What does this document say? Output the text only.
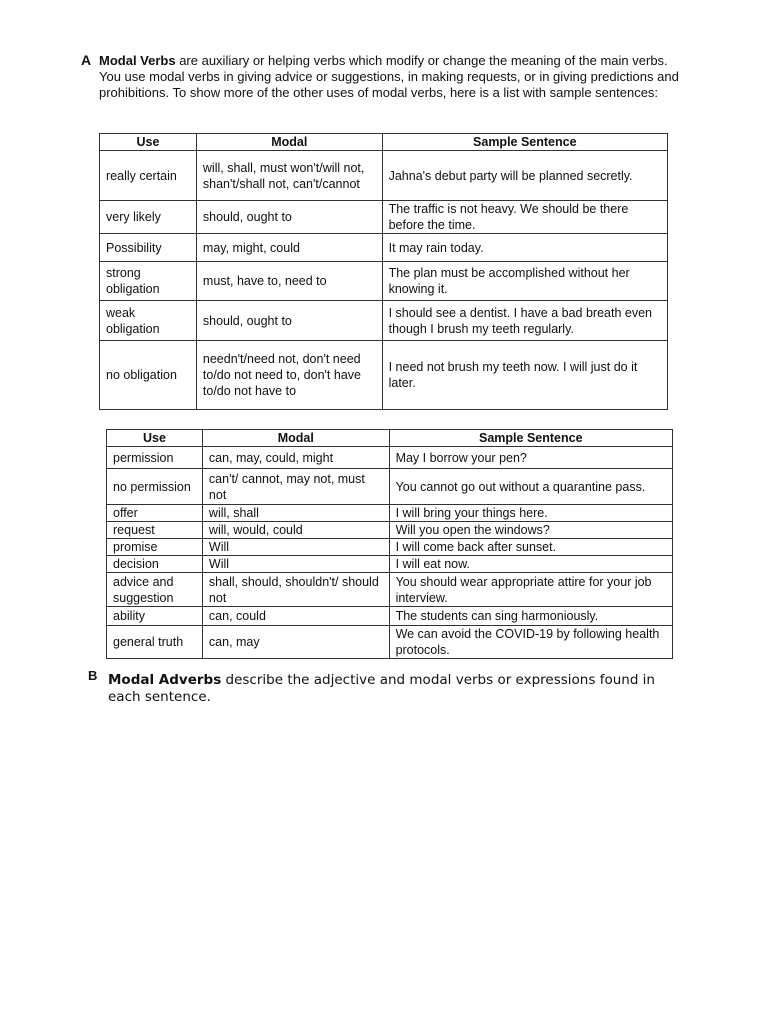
A Modal Verbs are auxiliary or helping verbs which modify or change the meaning of the main verbs. You use modal verbs in giving advice or suggestions, in making requests, or in giving predictions and prohibitions. To show more of the other uses of modal verbs, here is a list with sample sentences:
Use	Modal	Sample Sentence
really certain	will, shall, must won't/will not, shan't/shall not, can't/cannot	Jahna's debut party will be planned secretly.
very likely	should, ought to	The traffic is not heavy. We should be there before the time.
Possibility	may, might, could	It may rain today.
strong obligation	must, have to, need to	The plan must be accomplished without her knowing it.
weak obligation	should, ought to	I should see a dentist. I have a bad breath even though I brush my teeth regularly.
no obligation	needn't/need not, don't need to/do not need to, don't have to/do not have to	I need not brush my teeth now. I will just do it later.
Use	Modal	Sample Sentence
permission	can, may, could, might	May I borrow your pen?
no permission	can't/ cannot, may not, must not	You cannot go out without a quarantine pass.
offer	will, shall	I will bring your things here.
request	will, would, could	Will you open the windows?
promise	Will	I will come back after sunset.
decision	Will	I will eat now.
advice and suggestion	shall, should, shouldn't/ should not	You should wear appropriate attire for your job interview.
ability	can, could	The students can sing harmoniously.
general truth	can, may	We can avoid the COVID-19 by following health protocols.
B Modal Adverbs describe the adjective and modal verbs or expressions found in each sentence.
